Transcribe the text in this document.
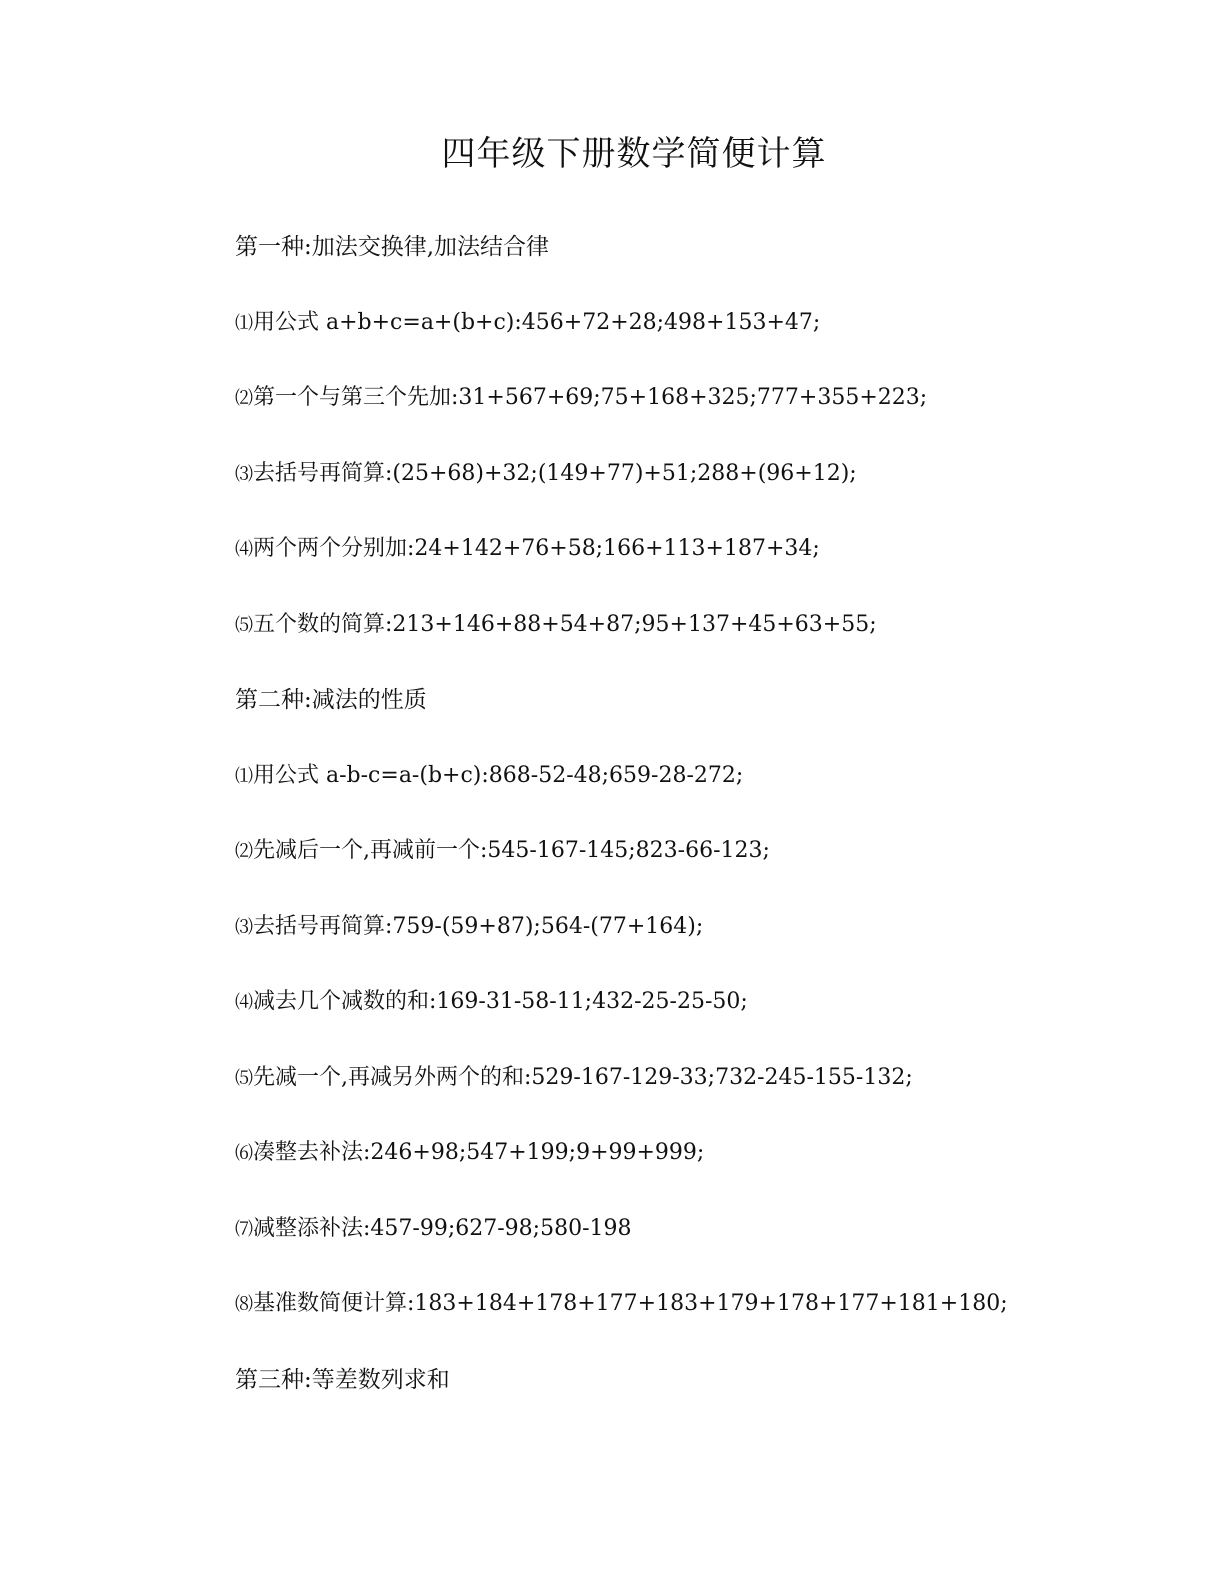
四年级下册数学简便计算
第一种:加法交换律,加法结合律
⑴用公式 a+b+c=a+(b+c):456+72+28;498+153+47;
⑵第一个与第三个先加:31+567+69;75+168+325;777+355+223;
⑶去括号再简算:(25+68)+32;(149+77)+51;288+(96+12);
⑷两个两个分别加:24+142+76+58;166+113+187+34;
⑸五个数的简算:213+146+88+54+87;95+137+45+63+55;
第二种:减法的性质
⑴用公式 a-b-c=a-(b+c):868-52-48;659-28-272;
⑵先减后一个,再减前一个:545-167-145;823-66-123;
⑶去括号再简算:759-(59+87);564-(77+164);
⑷减去几个减数的和:169-31-58-11;432-25-25-50;
⑸先减一个,再减另外两个的和:529-167-129-33;732-245-155-132;
⑹凑整去补法:246+98;547+199;9+99+999;
⑺减整添补法:457-99;627-98;580-198
⑻基准数简便计算:183+184+178+177+183+179+178+177+181+180;
第三种:等差数列求和
